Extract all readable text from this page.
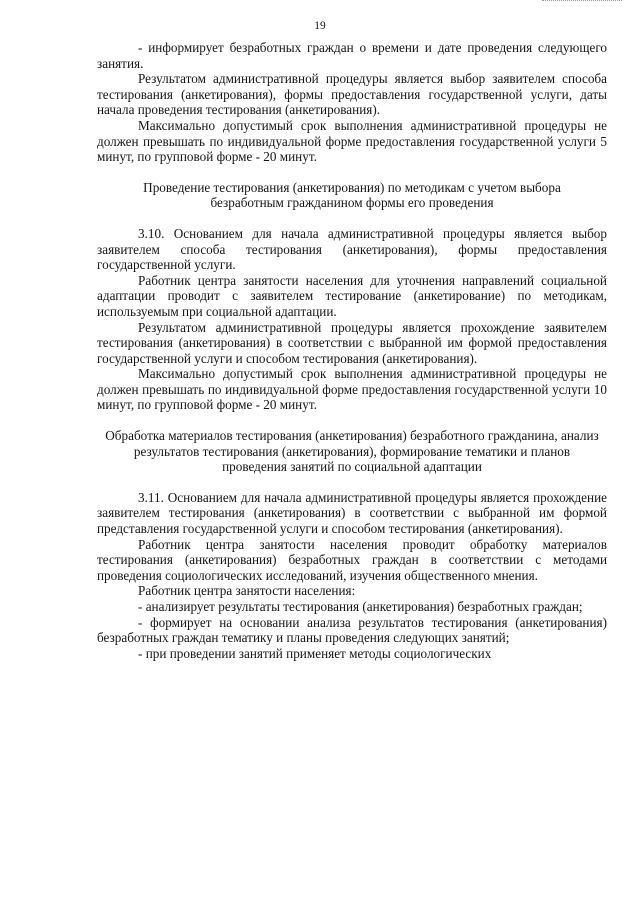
19

- информирует безработных граждан о времени и дате проведения следующего занятия.

Результатом административной процедуры является выбор заявителем способа тестирования (анкетирования), формы предоставления государственной услуги, даты начала проведения тестирования (анкетирования).

Максимально допустимый срок выполнения административной процедуры не должен превышать по индивидуальной форме предоставления государственной услуги 5 минут, по групповой форме - 20 минут.

Проведение тестирования (анкетирования) по методикам с учетом выбора безработным гражданином формы его проведения

3.10. Основанием для начала административной процедуры является выбор заявителем способа тестирования (анкетирования), формы предоставления государственной услуги.

Работник центра занятости населения для уточнения направлений социальной адаптации проводит с заявителем тестирование (анкетирование) по методикам, используемым при социальной адаптации.

Результатом административной процедуры является прохождение заявителем тестирования (анкетирования) в соответствии с выбранной им формой предоставления государственной услуги и способом тестирования (анкетирования).

Максимально допустимый срок выполнения административной процедуры не должен превышать по индивидуальной форме предоставления государственной услуги 10 минут, по групповой форме - 20 минут.

Обработка материалов тестирования (анкетирования) безработного гражданина, анализ результатов тестирования (анкетирования), формирование тематики и планов проведения занятий по социальной адаптации

3.11. Основанием для начала административной процедуры является прохождение заявителем тестирования (анкетирования) в соответствии с выбранной им формой представления государственной услуги и способом тестирования (анкетирования).

Работник центра занятости населения проводит обработку материалов тестирования (анкетирования) безработных граждан в соответствии с методами проведения социологических исследований, изучения общественного мнения.

Работник центра занятости населения:

- анализирует результаты тестирования (анкетирования) безработных граждан;

- формирует на основании анализа результатов тестирования (анкетирования) безработных граждан тематику и планы проведения следующих занятий;

- при проведении занятий применяет методы социологических
